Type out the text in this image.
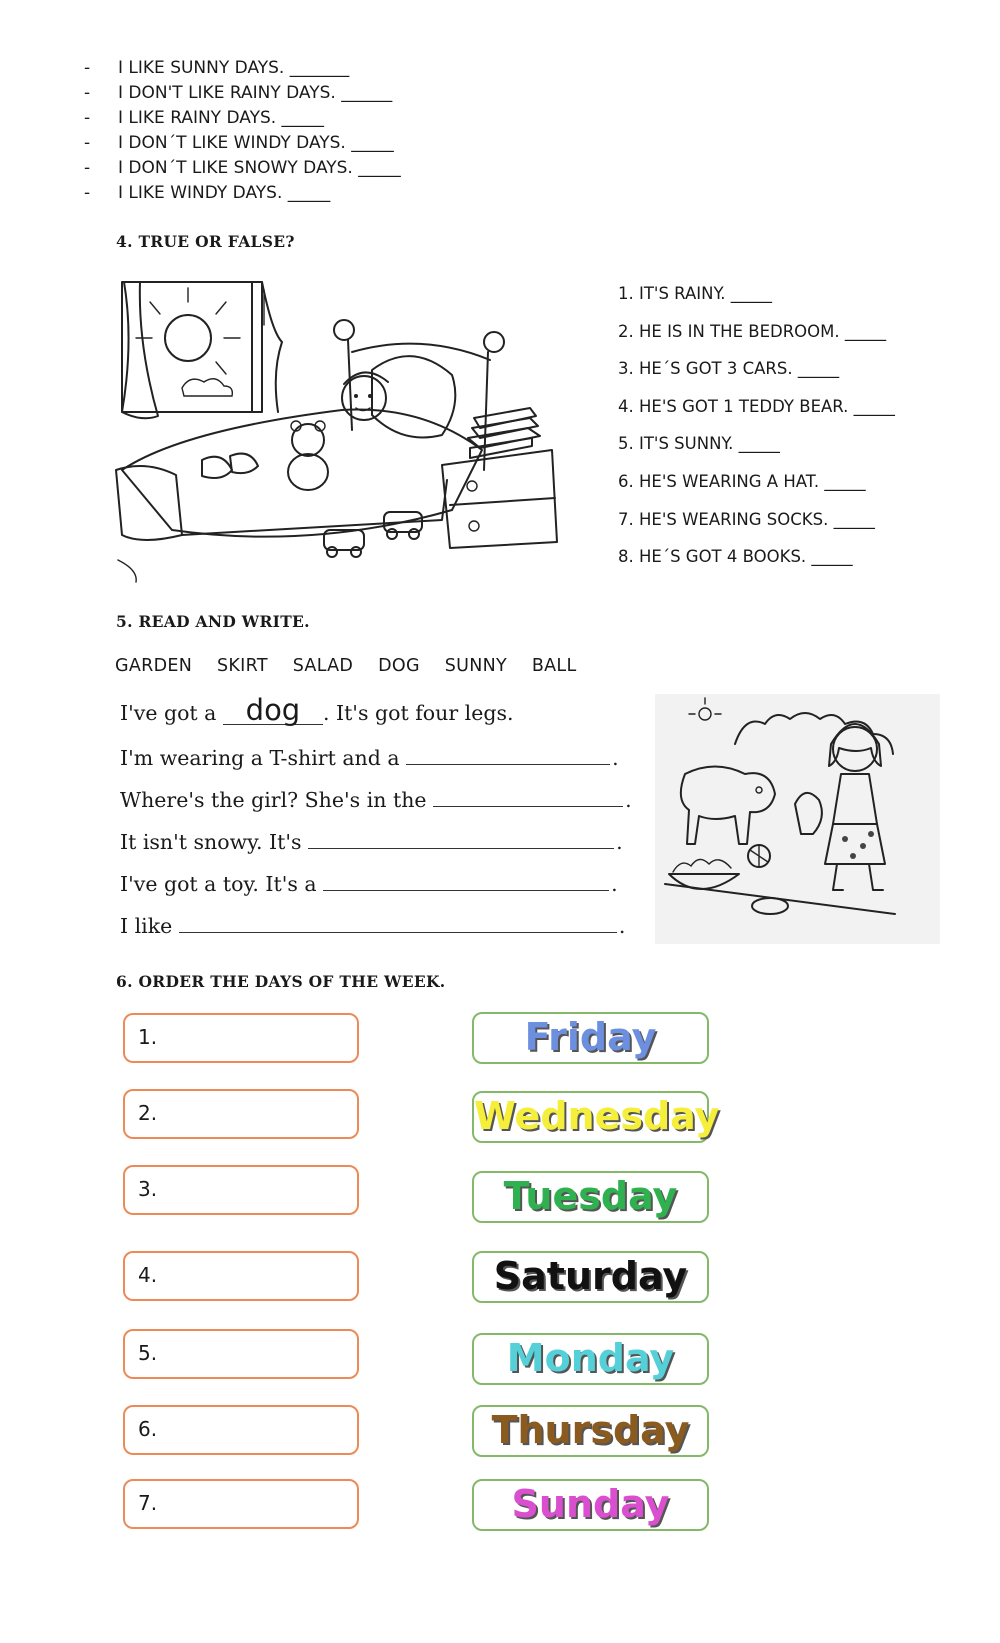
- I LIKE SUNNY DAYS. _______
- I DON'T LIKE RAINY DAYS. ______
- I LIKE RAINY DAYS. _____
- I DON´T LIKE WINDY DAYS. _____
- I DON´T LIKE SNOWY DAYS. _____
- I LIKE WINDY DAYS. _____
4. TRUE OR FALSE?
1. IT'S RAINY. _____
2. HE IS IN THE BEDROOM. _____
3. HE´S GOT 3 CARS. _____
4. HE'S GOT 1 TEDDY BEAR. _____
5. IT'S SUNNY. _____
6. HE'S WEARING A HAT. _____
7. HE'S WEARING SOCKS. _____
8. HE´S GOT 4 BOOKS. _____
5. READ AND WRITE.
GARDEN SKIRT SALAD DOG SUNNY BALL
I've got a dog . It's got four legs.
I'm wearing a T-shirt and a	.
Where's the girl? She's in the	.
It isn't snowy. It's	.
I've got a toy. It's a	.
I like	.
6. ORDER THE DAYS OF THE WEEK.
1.
2.
3.
4.
5.
6.
7.
Friday
Wednesday
Tuesday
Saturday
Monday
Thursday
Sunday
